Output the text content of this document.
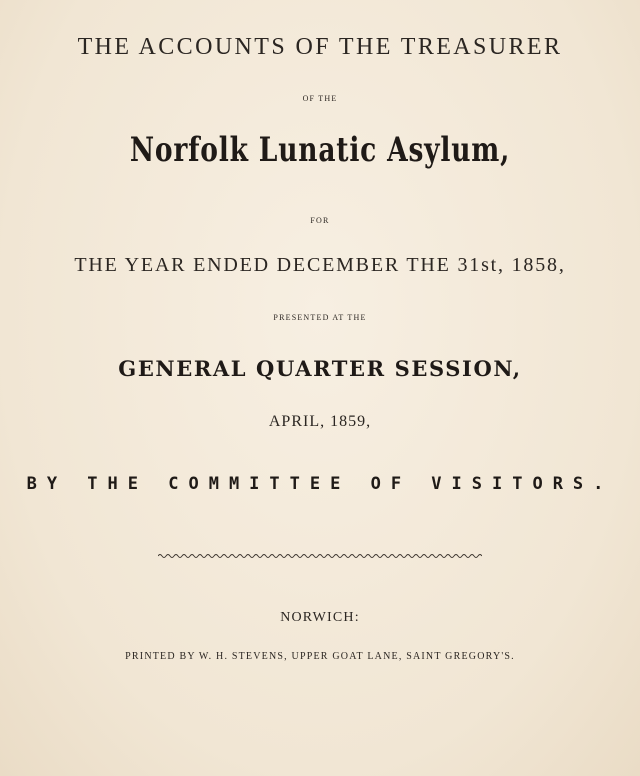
THE ACCOUNTS OF THE TREASURER
OF THE
Norfolk Lunatic Asylum,
FOR
THE YEAR ENDED DECEMBER THE 31st, 1858,
PRESENTED AT THE
GENERAL QUARTER SESSION,
APRIL, 1859,
BY THE COMMITTEE OF VISITORS.
NORWICH:
PRINTED BY W. H. STEVENS, UPPER GOAT LANE, SAINT GREGORY'S.
